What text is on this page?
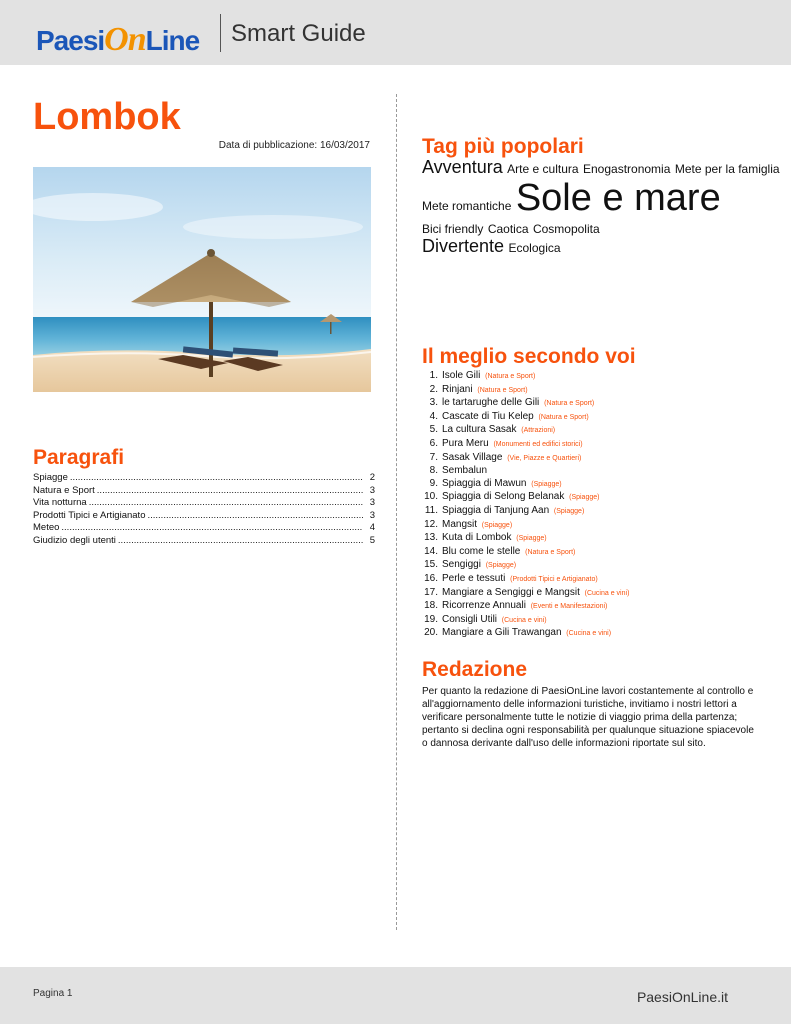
PaesiOnLine Smart Guide
Lombok
Data di pubblicazione: 16/03/2017
Paragrafi
Spiagge .....	2
Natura e Sport .....	3
Vita notturna .....	3
Prodotti Tipici e Artigianato .....	3
Meteo .....	4
Giudizio degli utenti .....	5
Tag più popolari
Avventura Arte e cultura Enogastronomia Mete per la famiglia
Mete romantiche Sole e mare
Bici friendly Caotica Cosmopolita
Divertente Ecologica
Il meglio secondo voi
1. Isole Gili (Natura e Sport)
2. Rinjani (Natura e Sport)
3. le tartarughe delle Gili (Natura e Sport)
4. Cascate di Tiu Kelep (Natura e Sport)
5. La cultura Sasak (Attrazioni)
6. Pura Meru (Monumenti ed edifici storici)
7. Sasak Village (Vie, Piazze e Quartieri)
8. Sembalun
9. Spiaggia di Mawun (Spiagge)
10. Spiaggia di Selong Belanak (Spiagge)
11. Spiaggia di Tanjung Aan (Spiagge)
12. Mangsit (Spiagge)
13. Kuta di Lombok (Spiagge)
14. Blu come le stelle (Natura e Sport)
15. Sengiggi (Spiagge)
16. Perle e tessuti (Prodotti Tipici e Artigianato)
17. Mangiare a Sengiggi e Mangsit (Cucina e vini)
18. Ricorrenze Annuali (Eventi e Manifestazioni)
19. Consigli Utili (Cucina e vini)
20. Mangiare a Gili Trawangan (Cucina e vini)
Redazione

Per quanto la redazione di PaesiOnLine lavori costantemente al controllo e all'aggiornamento delle informazioni turistiche, invitiamo i nostri lettori a verificare personalmente tutte le notizie di viaggio prima della partenza; pertanto si declina ogni responsabilità per qualunque situazione spiacevole o dannosa derivante dall'uso delle informazioni riportate sul sito.

Pagina 1	PaesiOnLine.it
